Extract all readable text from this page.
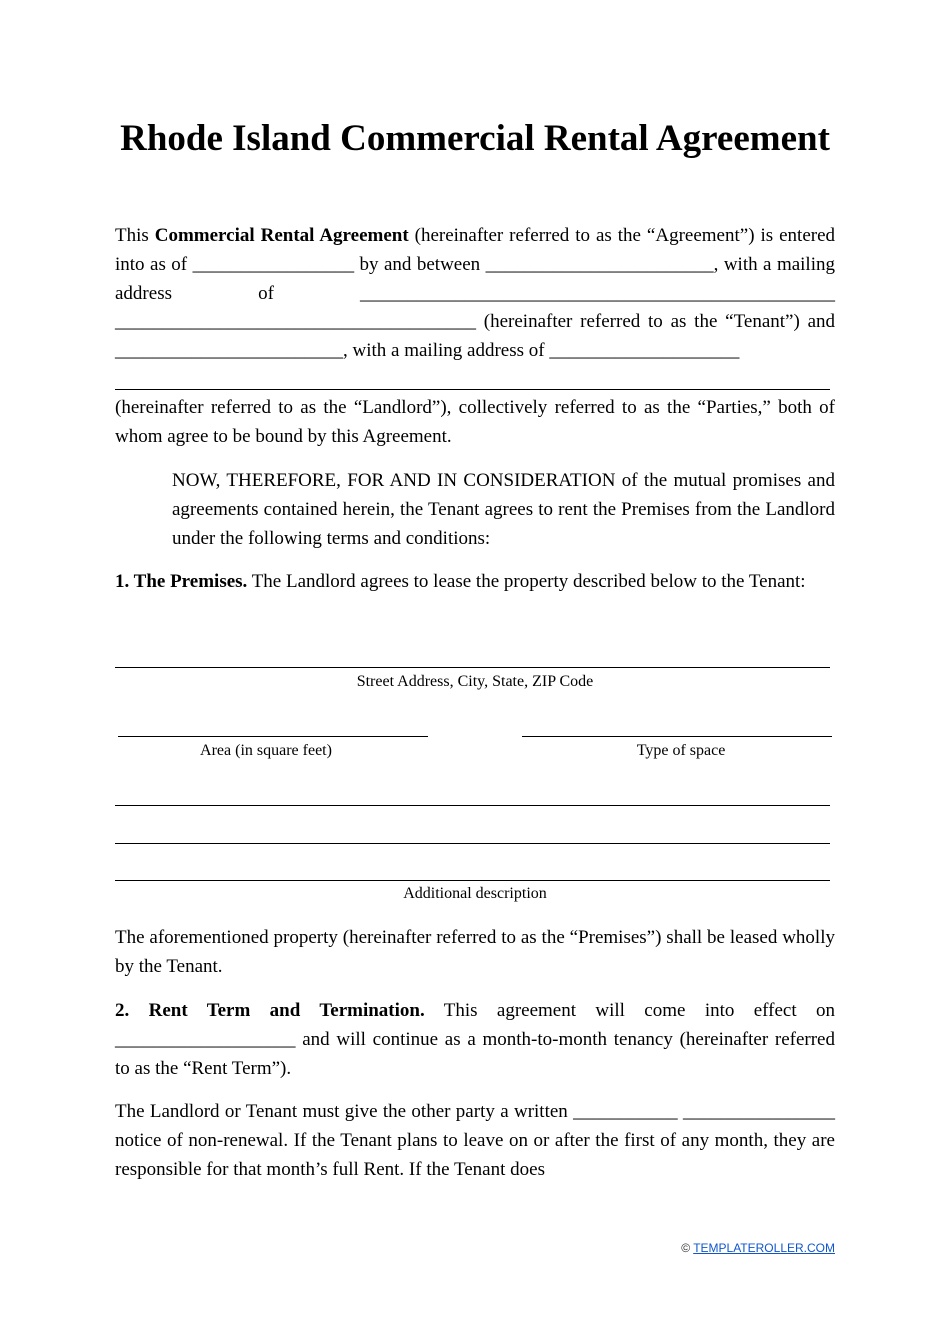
Rhode Island Commercial Rental Agreement

This Commercial Rental Agreement (hereinafter referred to as the “Agreement”) is entered into as of _________________ by and between ________________________, with a mailing address of __________________________________________________ ______________________________________ (hereinafter referred to as the “Tenant”) and ________________________, with a mailing address of ____________________

(hereinafter referred to as the “Landlord”), collectively referred to as the “Parties,” both of whom agree to be bound by this Agreement.

NOW, THEREFORE, FOR AND IN CONSIDERATION of the mutual promises and agreements contained herein, the Tenant agrees to rent the Premises from the Landlord under the following terms and conditions:

1. The Premises. The Landlord agrees to lease the property described below to the Tenant:

Street Address, City, State, ZIP Code
Area (in square feet)	Type of space
Additional description

The aforementioned property (hereinafter referred to as the “Premises”) shall be leased wholly by the Tenant.

2. Rent Term and Termination. This agreement will come into effect on ___________________ and will continue as a month-to-month tenancy (hereinafter referred to as the “Rent Term”).

The Landlord or Tenant must give the other party a written ___________ ________________ notice of non-renewal. If the Tenant plans to leave on or after the first of any month, they are responsible for that month’s full Rent. If the Tenant does

© TEMPLATEROLLER.COM
